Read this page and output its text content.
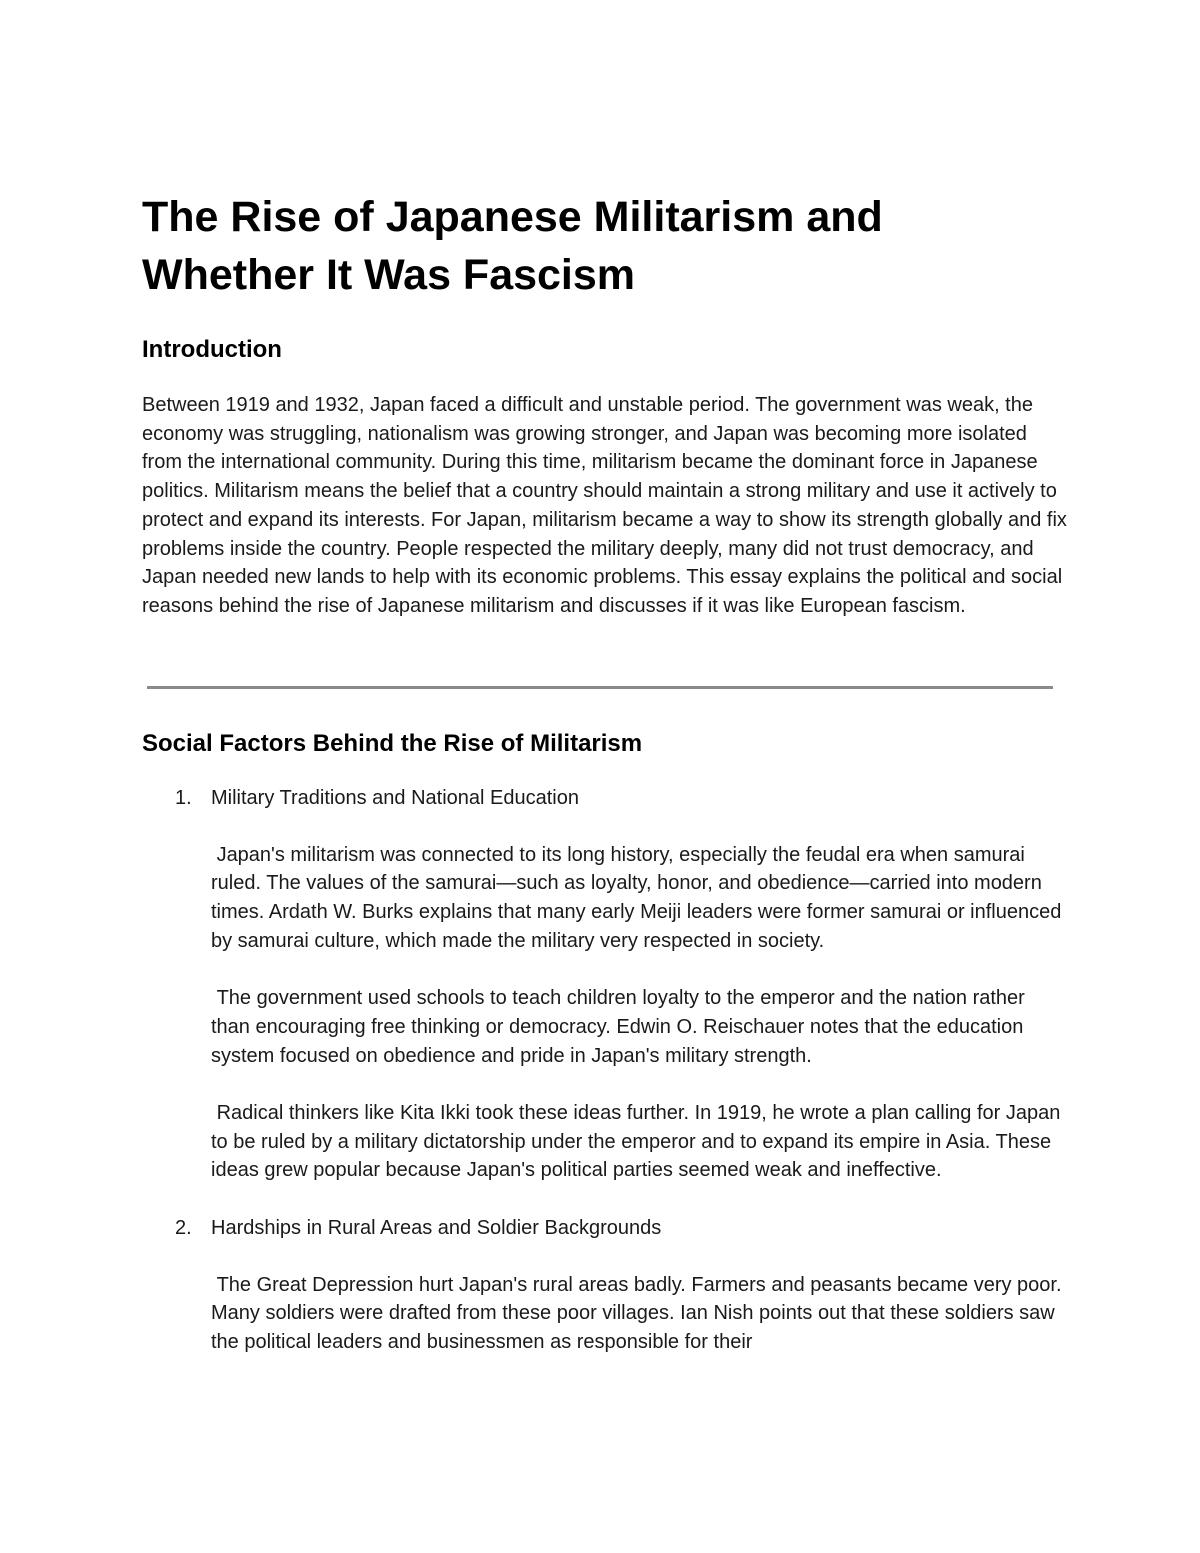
The Rise of Japanese Militarism and Whether It Was Fascism
Introduction

Between 1919 and 1932, Japan faced a difficult and unstable period. The government was weak, the economy was struggling, nationalism was growing stronger, and Japan was becoming more isolated from the international community. During this time, militarism became the dominant force in Japanese politics. Militarism means the belief that a country should maintain a strong military and use it actively to protect and expand its interests. For Japan, militarism became a way to show its strength globally and fix problems inside the country. People respected the military deeply, many did not trust democracy, and Japan needed new lands to help with its economic problems. This essay explains the political and social reasons behind the rise of Japanese militarism and discusses if it was like European fascism.

Social Factors Behind the Rise of Militarism
1. Military Traditions and National Education

Japan's militarism was connected to its long history, especially the feudal era when samurai ruled. The values of the samurai—such as loyalty, honor, and obedience—carried into modern times. Ardath W. Burks explains that many early Meiji leaders were former samurai or influenced by samurai culture, which made the military very respected in society.

The government used schools to teach children loyalty to the emperor and the nation rather than encouraging free thinking or democracy. Edwin O. Reischauer notes that the education system focused on obedience and pride in Japan's military strength.

Radical thinkers like Kita Ikki took these ideas further. In 1919, he wrote a plan calling for Japan to be ruled by a military dictatorship under the emperor and to expand its empire in Asia. These ideas grew popular because Japan's political parties seemed weak and ineffective.

2. Hardships in Rural Areas and Soldier Backgrounds

The Great Depression hurt Japan's rural areas badly. Farmers and peasants became very poor. Many soldiers were drafted from these poor villages. Ian Nish points out that these soldiers saw the political leaders and businessmen as responsible for their
